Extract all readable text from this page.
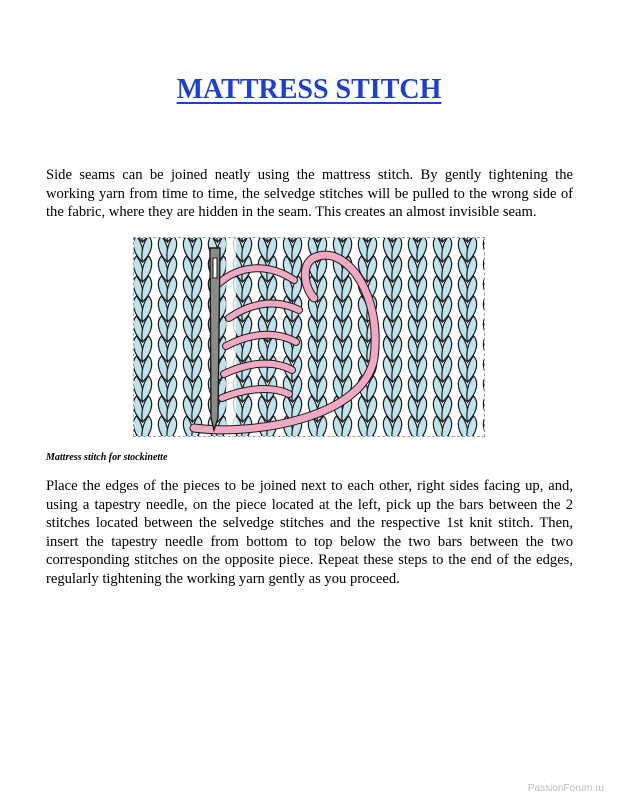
MATTRESS STITCH

Side seams can be joined neatly using the mattress stitch. By gently tightening the working yarn from time to time, the selvedge stitches will be pulled to the wrong side of the fabric, where they are hidden in the seam. This creates an almost invisible seam.

Mattress stitch for stockinette

Place the edges of the pieces to be joined next to each other, right sides facing up, and, using a tapestry needle, on the piece located at the left, pick up the bars between the 2 stitches located between the selvedge stitches and the respective 1st knit stitch. Then, insert the tapestry needle from bottom to top below the two bars between the two corresponding stitches on the opposite piece. Repeat these steps to the end of the edges, regularly tightening the working yarn gently as you proceed.

PassionForum.ru
